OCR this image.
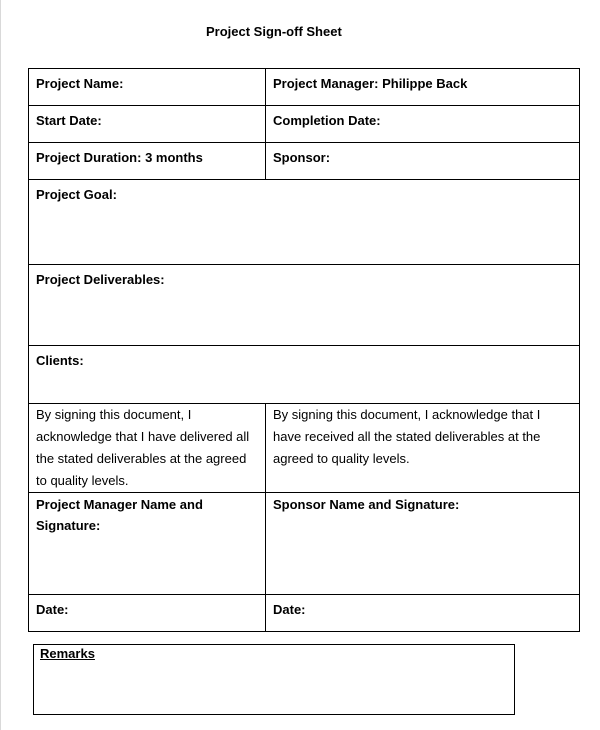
Project Sign-off Sheet
Project Name:	Project Manager: Philippe Back
Start Date:	Completion Date:
Project Duration: 3 months	Sponsor:
Project Goal:	
Project Deliverables:	
Clients:	
By signing this document, I acknowledge that I have delivered all the stated deliverables at the agreed to quality levels.	By signing this document, I acknowledge that I have received all the stated deliverables at the agreed to quality levels.
Project Manager Name and Signature:	Sponsor Name and Signature:
Date:	Date:
Remarks
